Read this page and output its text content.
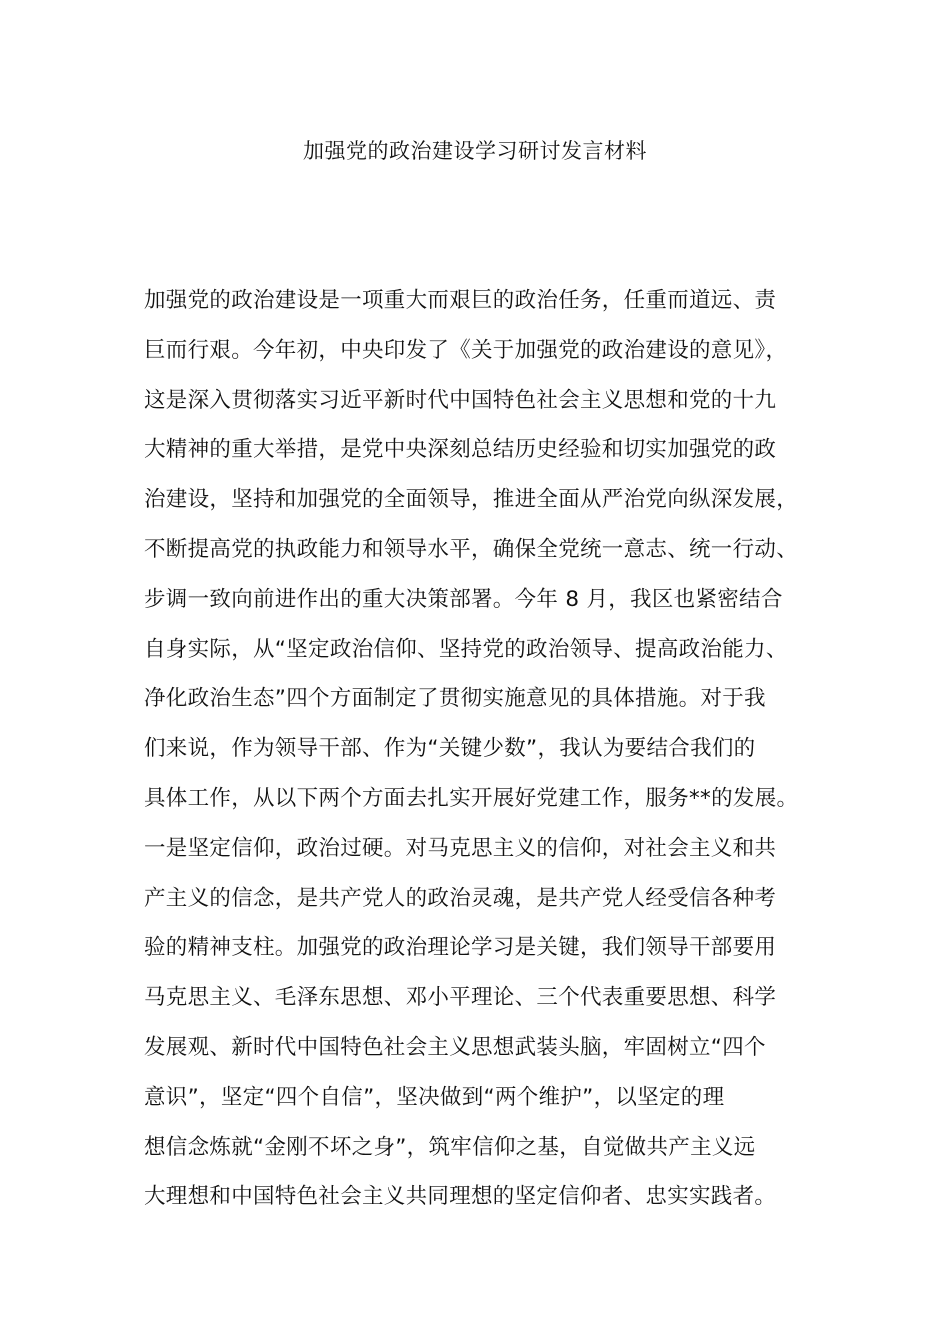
加强党的政治建设学习研讨发言材料
加强党的政治建设是一项重大而艰巨的政治任务，任重而道远、责
巨而行艰。今年初，中央印发了《关于加强党的政治建设的意见》，
这是深入贯彻落实习近平新时代中国特色社会主义思想和党的十九
大精神的重大举措，是党中央深刻总结历史经验和切实加强党的政
治建设，坚持和加强党的全面领导，推进全面从严治党向纵深发展，
不断提高党的执政能力和领导水平，确保全党统一意志、统一行动、
步调一致向前进作出的重大决策部署。今年 8 月，我区也紧密结合
自身实际，从“坚定政治信仰、坚持党的政治领导、提高政治能力、
净化政治生态”四个方面制定了贯彻实施意见的具体措施。对于我
们来说，作为领导干部、作为“关键少数”，我认为要结合我们的
具体工作，从以下两个方面去扎实开展好党建工作，服务**的发展。
一是坚定信仰，政治过硬。对马克思主义的信仰，对社会主义和共
产主义的信念，是共产党人的政治灵魂，是共产党人经受信各种考
验的精神支柱。加强党的政治理论学习是关键，我们领导干部要用
马克思主义、毛泽东思想、邓小平理论、三个代表重要思想、科学
发展观、新时代中国特色社会主义思想武装头脑，牢固树立“四个
意识”，坚定“四个自信”，坚决做到“两个维护”，以坚定的理
想信念炼就“金刚不坏之身”，筑牢信仰之基，自觉做共产主义远
大理想和中国特色社会主义共同理想的坚定信仰者、忠实实践者。
